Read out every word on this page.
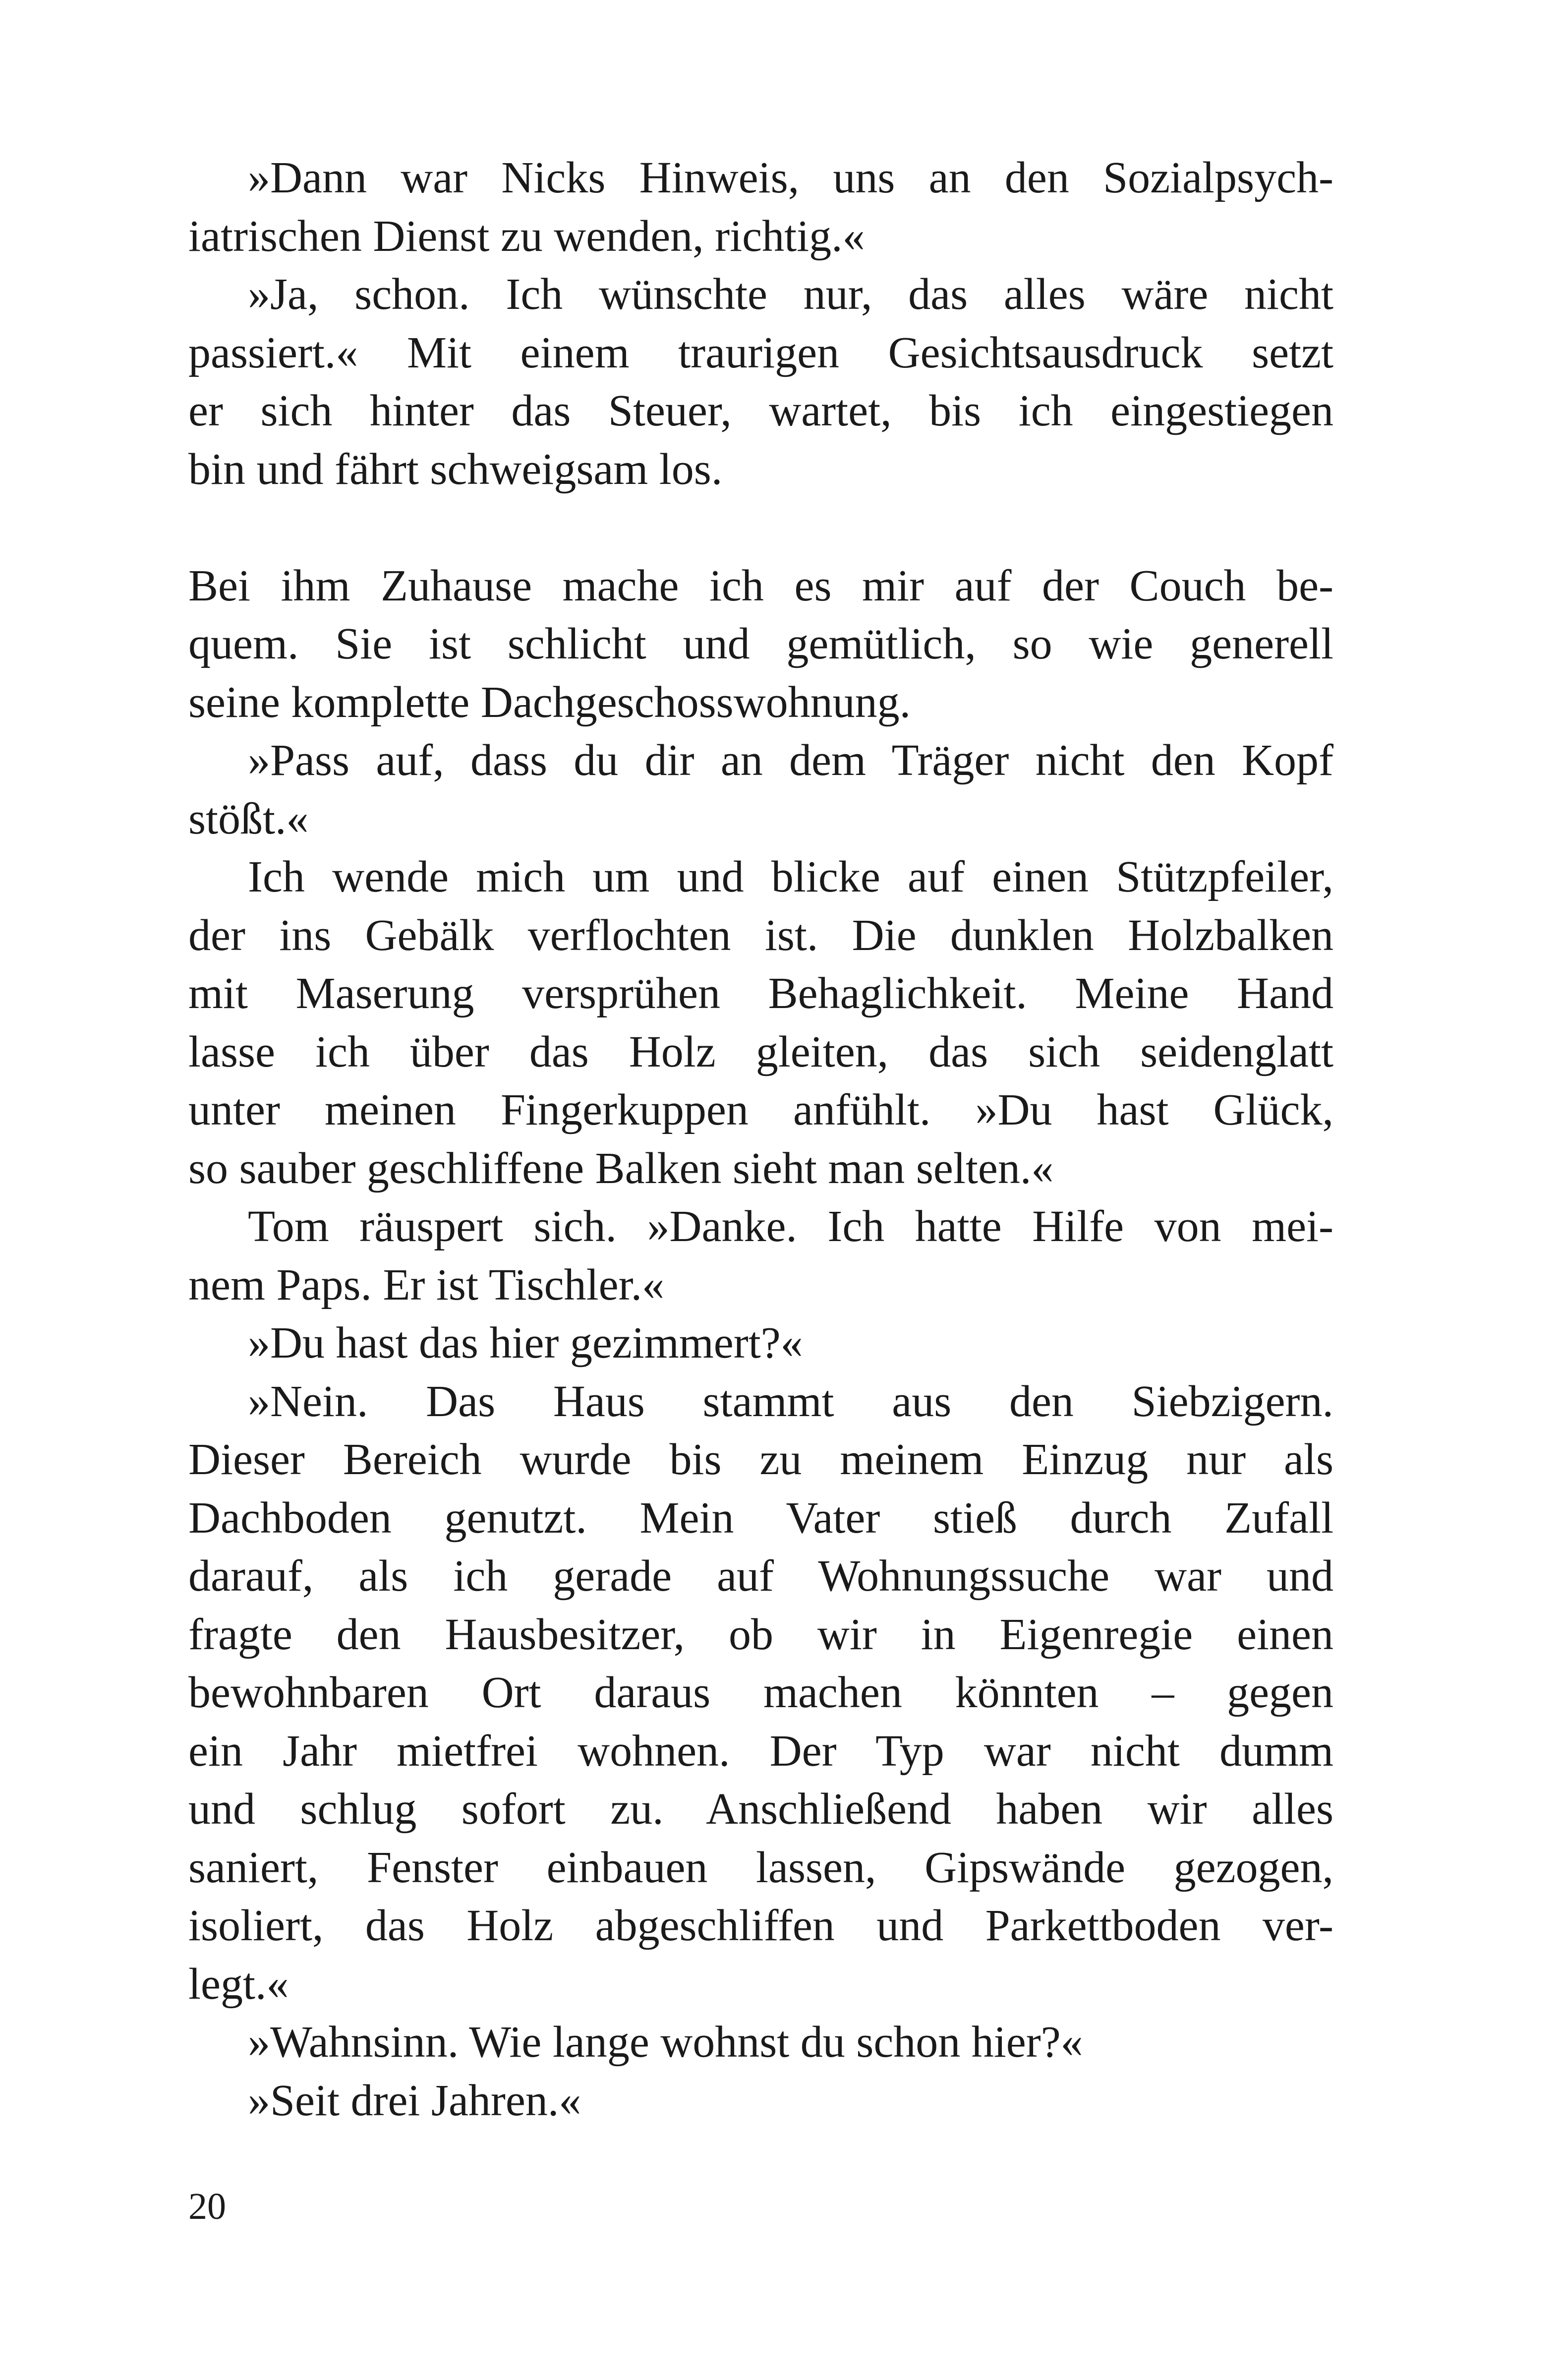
»Dann war Nicks Hinweis, uns an den Sozialpsych-
iatrischen Dienst zu wenden, richtig.«
»Ja, schon. Ich wünschte nur, das alles wäre nicht
passiert.« Mit einem traurigen Gesichtsausdruck setzt
er sich hinter das Steuer, wartet, bis ich eingestiegen
bin und fährt schweigsam los.
Bei ihm Zuhause mache ich es mir auf der Couch be-
quem. Sie ist schlicht und gemütlich, so wie generell
seine komplette Dachgeschosswohnung.
»Pass auf, dass du dir an dem Träger nicht den Kopf
stößt.«
Ich wende mich um und blicke auf einen Stützpfeiler,
der ins Gebälk verflochten ist. Die dunklen Holzbalken
mit Maserung versprühen Behaglichkeit. Meine Hand
lasse ich über das Holz gleiten, das sich seidenglatt
unter meinen Fingerkuppen anfühlt. »Du hast Glück,
so sauber geschliffene Balken sieht man selten.«
Tom räuspert sich. »Danke. Ich hatte Hilfe von mei-
nem Paps. Er ist Tischler.«
»Du hast das hier gezimmert?«
»Nein. Das Haus stammt aus den Siebzigern.
Dieser Bereich wurde bis zu meinem Einzug nur als
Dachboden genutzt. Mein Vater stieß durch Zufall
darauf, als ich gerade auf Wohnungssuche war und
fragte den Hausbesitzer, ob wir in Eigenregie einen
bewohnbaren Ort daraus machen könnten – gegen
ein Jahr mietfrei wohnen. Der Typ war nicht dumm
und schlug sofort zu. Anschließend haben wir alles
saniert, Fenster einbauen lassen, Gipswände gezogen,
isoliert, das Holz abgeschliffen und Parkettboden ver-
legt.«
»Wahnsinn. Wie lange wohnst du schon hier?«
»Seit drei Jahren.«
20
